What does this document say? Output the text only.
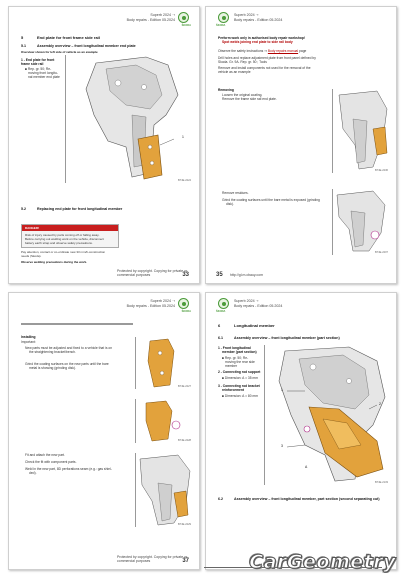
Superb 2024 ➝
Body repairs - Edition 05.2024
ŠKODA
5	End plate for front frame side rail
5.1	Assembly overview – front longitudinal member end plate
Overview shown for left side of vehicle as an example
1 - End plate for front frame side rail
■ Rep. gr. 50; Re-
moving front longitu-
nal member end plate
1
B74E-2224
5.2	Replacing end plate for front longitudinal member
DANGER!
Risk of injury caused by parts coming off or falling away.
Before carrying out welding work on the vehicle, disconnect
battery earth strap and observe safety precautions.
Pay attention, contact or co-ordinate new 33 mm/b-construction
needs (Skoda).
Observe welding precautions during the work.
Protected by copyright. Copying for private or commercial purposes	33
ŠKODA
Superb 2024 ➝
Body repairs - Edition 05.2024
Perform work only in authorised body repair workshop!
Spot welds joining end plate to side rail body
Observe the safety instructions ⇒ Body repairs manual page
Drill holes and replace adjustment plate from front panel defined by
Skoda. Gr. 9A. Rep. gr. 50 ; Tools
Remove and install components not used for the removal of the
vehicle as an example
Removing
Loosen the original coating.
Remove the frame side rail end plate.
B74E-2236
Remove residues.
Grind the coating surfaces until the bare metal is exposed (grinding
disk).
B74E-2207
35 http://gl.m.cbauy.com
Superb 2024 ➝
Body repairs - Edition 05.2024
ŠKODA
Installing
Important:
New parts must be adjusted and fixed to a vehicle that is on
the straightening bracket/bench.
Grind the coating surfaces on the new parts until the bare
metal is showing (grinding disk).
B74E-2227
B74E-2228
Fit and attach the new part.
Check the fit with component parts.
Weld in the new part, 8D perforations seam (e.g.: gas shiel-
ded).
B74E-2229
Protected by copyright. Copying for private or commercial purposes	37
ŠKODA
Superb 2024 ➝
Body repairs - Edition 05.2024
6	Longitudinal member
6.1	Assembly overview – front longitudinal member (part section)
1 - Front longitudinal
member (part section)
■ Rep. gr. 50; Re-
moving the rear side
member
2 - Connecting rod support
■ Dimension: A = 35 mm
3 - Connecting rod bracket
reinforcement
■ Dimension: A = 80 mm
1
2
3
A
B74E-2133
6.2	Assembly overview – front longitudinal member, part section (second separating cut)
CarGeometry
